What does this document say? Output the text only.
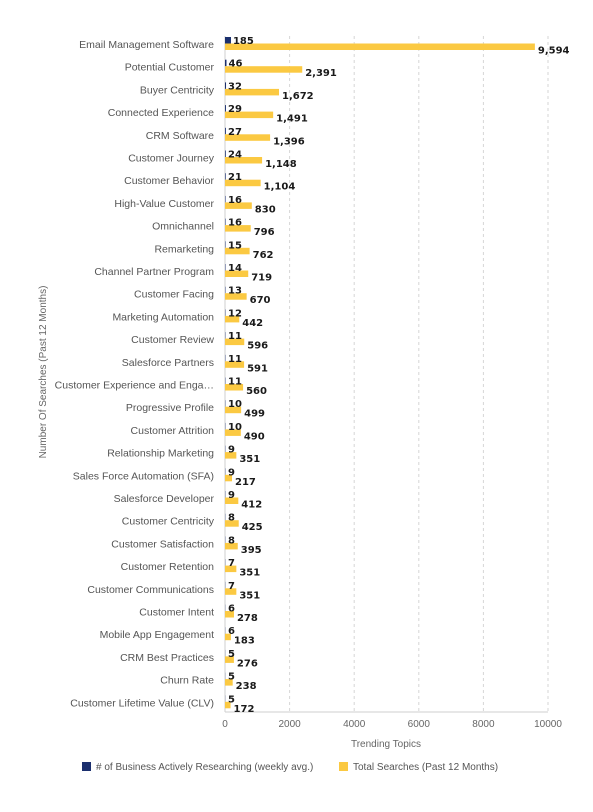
0	2000	4000	6000	8000	10000
Email Management Software 185
9,594
Potential Customer 46
2,391
Buyer Centricity 32
1,672
Connected Experience 29
1,491
CRM Software 27
1,396
Customer Journey 24
1,148
Customer Behavior 21
1,104
High-Value Customer 16
830
Omnichannel 16
796
Remarketing 15
762
Channel Partner Program 14
719
Customer Facing 13
670
Marketing Automation 12
442
Customer Review 11
596
Salesforce Partners 11
591
Customer Experience and Enga… 11
560
Progressive Profile 10
499
Customer Attrition 10
490
Relationship Marketing 9
351
Sales Force Automation (SFA) 9
217
Salesforce Developer 9
412
Customer Centricity 8
425
Customer Satisfaction 8
395
Customer Retention 7
351
Customer Communications 7
351
Customer Intent 6
278
Mobile App Engagement 6
183
CRM Best Practices 5
276
Churn Rate 5
238
Customer Lifetime Value (CLV) 5
172
Trending Topics
Number Of Searches (Past 12 Months)
# of Business Actively Researching (weekly avg.)	Total Searches (Past 12 Months)
